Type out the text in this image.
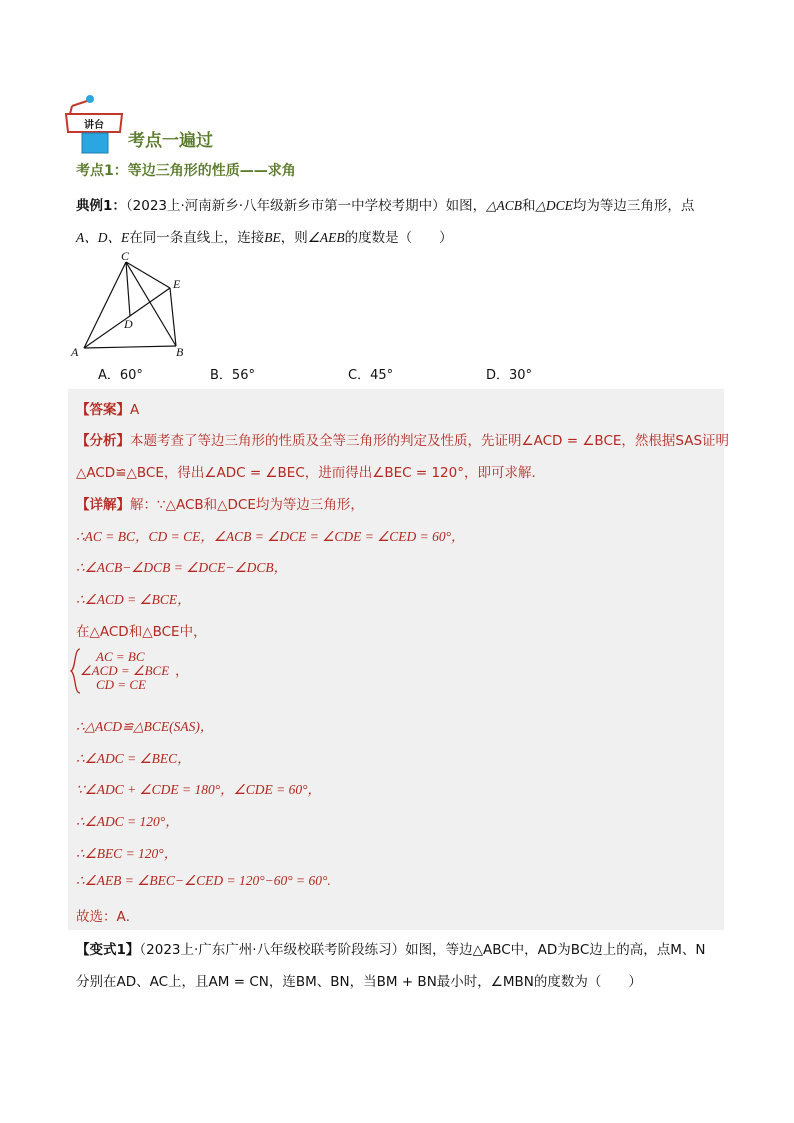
讲台
考点一遍过
考点1：等边三角形的性质——求角
典例1：（2023上·河南新乡·八年级新乡市第一中学校考期中）如图，△ACB和△DCE均为等边三角形，点
A、D、E在同一条直线上，连接BE，则∠AEB的度数是（　　）
C
E
D
A	B
A．60°	B．56°	C．45°	D．30°
【答案】A
【分析】本题考查了等边三角形的性质及全等三角形的判定及性质，先证明∠ACD = ∠BCE，然根据SAS证明
△ACD≌△BCE，得出∠ADC = ∠BEC，进而得出∠BEC = 120°，即可求解．
【详解】解：∵△ACB和△DCE均为等边三角形，
∴AC = BC，CD = CE，∠ACB = ∠DCE = ∠CDE = ∠CED = 60°，
∴∠ACB−∠DCB = ∠DCE−∠DCB，
∴∠ACD = ∠BCE，
在△ACD和△BCE中，
AC = BC
∠ACD = ∠BCE ，
CD = CE
∴△ACD≌△BCE(SAS)，
∴∠ADC = ∠BEC，
∵∠ADC + ∠CDE = 180°，∠CDE = 60°，
∴∠ADC = 120°，
∴∠BEC = 120°，
∴∠AEB = ∠BEC−∠CED = 120°−60° = 60°.
故选：A．
【变式1】（2023上·广东广州·八年级校联考阶段练习）如图，等边△ABC中，AD为BC边上的高，点M、N
分别在AD、AC上，且AM = CN，连BM、BN，当BM + BN最小时，∠MBN的度数为（　　）
